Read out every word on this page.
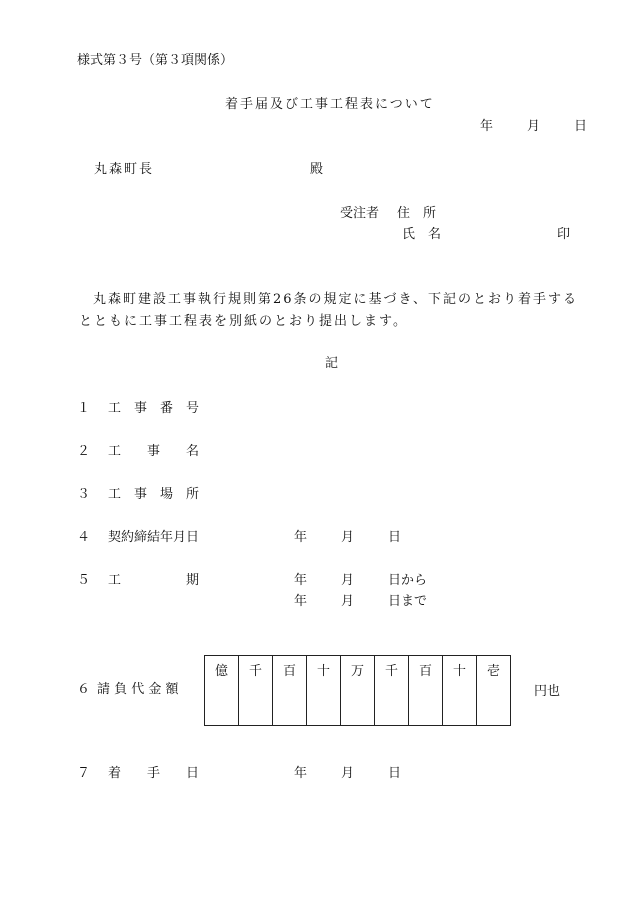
様式第３号（第３項関係）
着手届及び工事工程表について
年	月	日
丸森町長	殿
受注者 住　所
氏　名	印
丸森町建設工事執行規則第26条の規定に基づき、下記のとおり着手する
とともに工事工程表を別紙のとおり提出します。
記
１ 工　事　番　号
２ 工　　事　　名
３ 工　事　場　所
４ 契約締結年月日	年	月	日
５ 工　　　　　期	年	月	日から
年	月	日まで
６ 請 負 代 金 額
億	千	百	十	万	千	百	十	壱
円也
７ 着　　手　　日	年	月	日
